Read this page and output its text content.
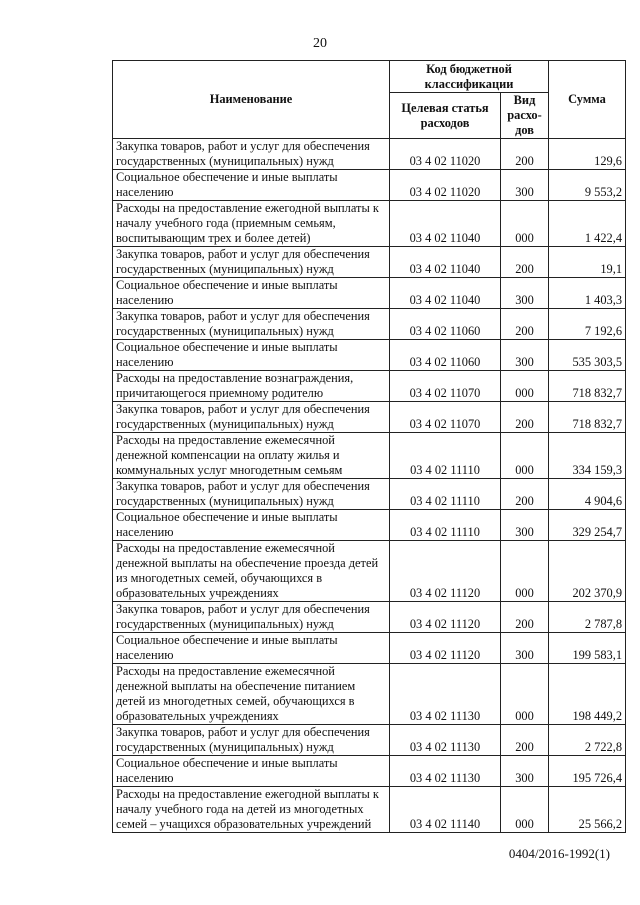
20
Наименование	Код бюджетной классификации		Сумма
	Целевая статья расходов	Вид расхо-дов	
Закупка товаров, работ и услуг для обеспечения государственных (муниципальных) нужд	03 4 02 11020	200	129,6
Социальное обеспечение и иные выплаты населению	03 4 02 11020	300	9 553,2
Расходы на предоставление ежегодной выплаты к началу учебного года (приемным семьям, воспитывающим трех и более детей)	03 4 02 11040	000	1 422,4
Закупка товаров, работ и услуг для обеспечения государственных (муниципальных) нужд	03 4 02 11040	200	19,1
Социальное обеспечение и иные выплаты населению	03 4 02 11040	300	1 403,3
Закупка товаров, работ и услуг для обеспечения государственных (муниципальных) нужд	03 4 02 11060	200	7 192,6
Социальное обеспечение и иные выплаты населению	03 4 02 11060	300	535 303,5
Расходы на предоставление вознаграждения, причитающегося приемному родителю	03 4 02 11070	000	718 832,7
Закупка товаров, работ и услуг для обеспечения государственных (муниципальных) нужд	03 4 02 11070	200	718 832,7
Расходы на предоставление ежемесячной денежной компенсации на оплату жилья и коммунальных услуг многодетным семьям	03 4 02 11110	000	334 159,3
Закупка товаров, работ и услуг для обеспечения государственных (муниципальных) нужд	03 4 02 11110	200	4 904,6
Социальное обеспечение и иные выплаты населению	03 4 02 11110	300	329 254,7
Расходы на предоставление ежемесячной денежной выплаты на обеспечение проезда детей из многодетных семей, обучающихся в образовательных учреждениях	03 4 02 11120	000	202 370,9
Закупка товаров, работ и услуг для обеспечения государственных (муниципальных) нужд	03 4 02 11120	200	2 787,8
Социальное обеспечение и иные выплаты населению	03 4 02 11120	300	199 583,1
Расходы на предоставление ежемесячной денежной выплаты на обеспечение питанием детей из многодетных семей, обучающихся в образовательных учреждениях	03 4 02 11130	000	198 449,2
Закупка товаров, работ и услуг для обеспечения государственных (муниципальных) нужд	03 4 02 11130	200	2 722,8
Социальное обеспечение и иные выплаты населению	03 4 02 11130	300	195 726,4
Расходы на предоставление ежегодной выплаты к началу учебного года на детей из многодетных семей – учащихся образовательных учреждений	03 4 02 11140	000	25 566,2
0404/2016-1992(1)
